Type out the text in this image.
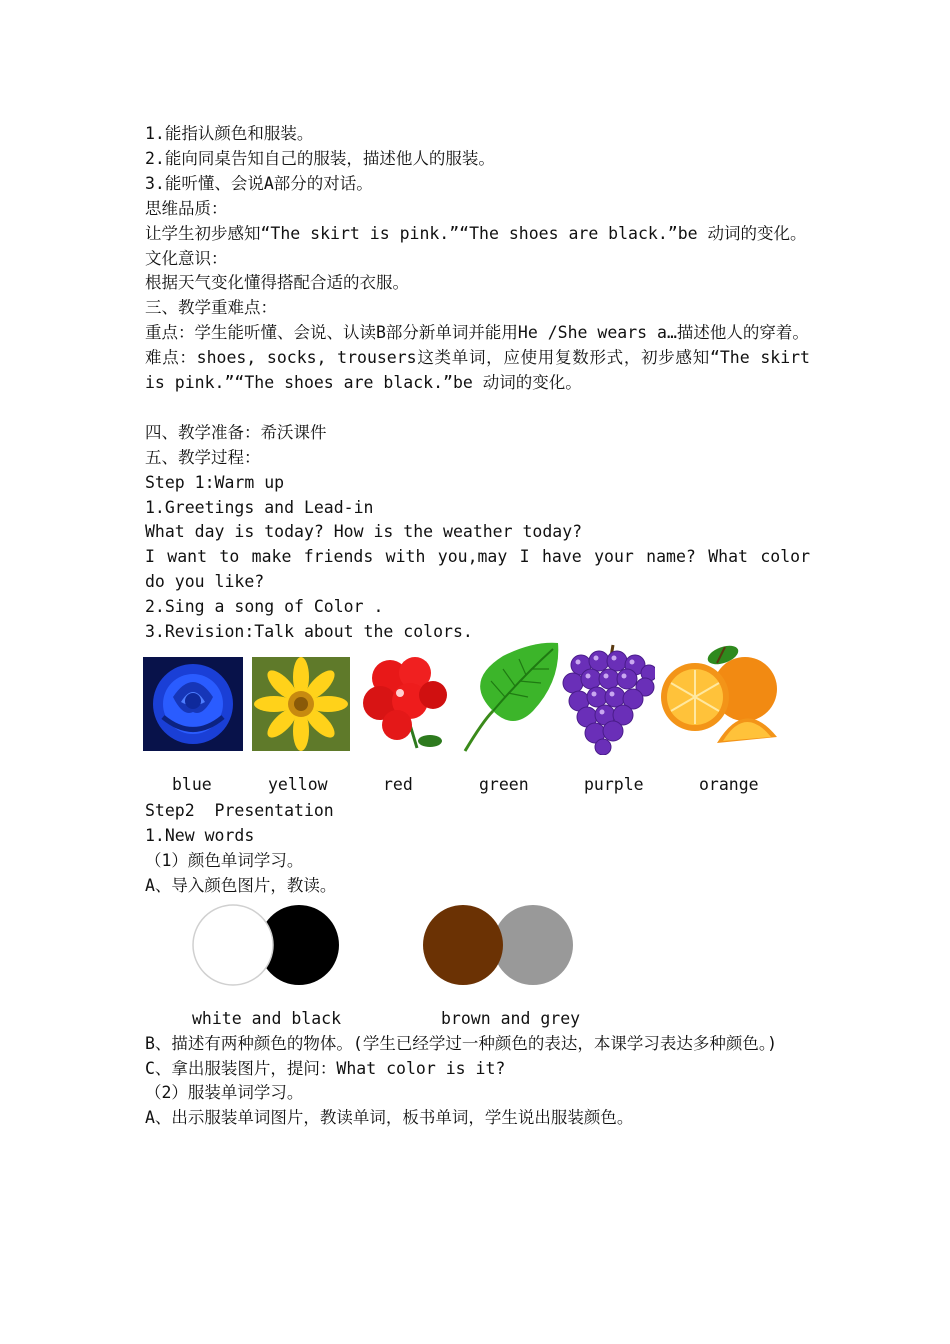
1.能指认颜色和服装。

2.能向同桌告知自己的服装，描述他人的服装。

3.能听懂、会说A部分的对话。

思维品质：

让学生初步感知“The skirt is pink.”“The shoes are black.”be 动词的变化。

文化意识：

根据天气变化懂得搭配合适的衣服。

三、教学重难点：

重点：学生能听懂、会说、认读B部分新单词并能用He /She wears a…描述他人的穿着。

难点：shoes, socks, trousers这类单词，应使用复数形式，初步感知“The skirt is pink.”“The shoes are black.”be 动词的变化。

四、教学准备：希沃课件

五、教学过程：

Step 1:Warm up

1.Greetings and Lead-in

What day is today? How is the weather today?

I want to make friends with you,may I have your name? What color do you like?

2.Sing a song of Color .

3.Revision:Talk about the colors.

blue	yellow	red	green	purple	orange

Step2  Presentation

1.New words

（1）颜色单词学习。

A、导入颜色图片，教读。

white and black	brown and grey

B、描述有两种颜色的物体。(学生已经学过一种颜色的表达，本课学习表达多种颜色。)

C、拿出服装图片，提问：What color is it?

（2）服装单词学习。

A、出示服装单词图片，教读单词，板书单词，学生说出服装颜色。
